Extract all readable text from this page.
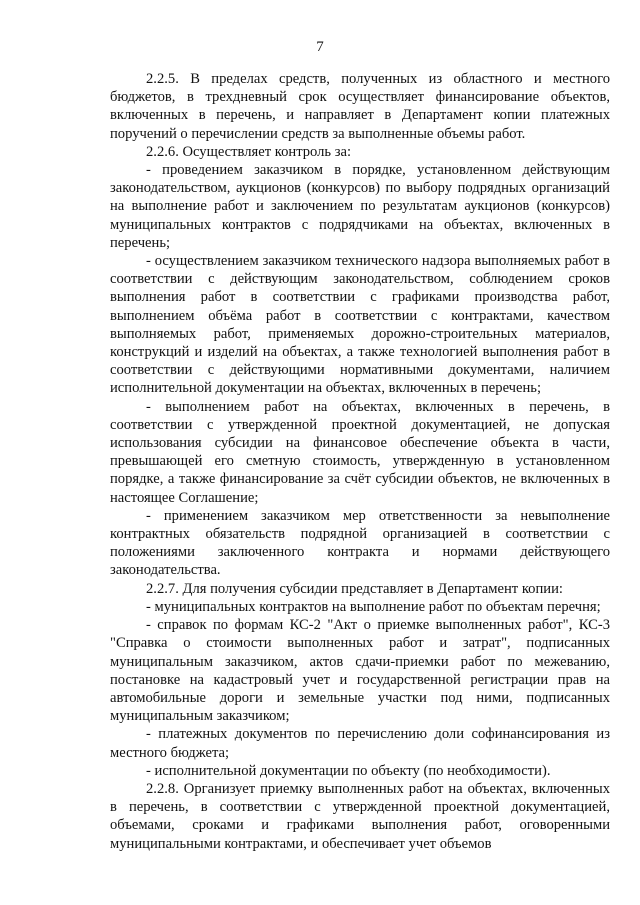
7

2.2.5. В пределах средств, полученных из областного и местного бюджетов, в трехдневный срок осуществляет финансирование объектов, включенных в перечень, и направляет в Департамент копии платежных поручений о перечислении средств за выполненные объемы работ.

2.2.6. Осуществляет контроль за:

- проведением заказчиком в порядке, установленном действующим законодательством, аукционов (конкурсов) по выбору подрядных организаций на выполнение работ и заключением по результатам аукционов (конкурсов) муниципальных контрактов с подрядчиками на объектах, включенных в перечень;

- осуществлением заказчиком технического надзора выполняемых работ в соответствии с действующим законодательством, соблюдением сроков выполнения работ в соответствии с графиками производства работ, выполнением объёма работ в соответствии с контрактами, качеством выполняемых работ, применяемых дорожно-строительных материалов, конструкций и изделий на объектах, а также технологией выполнения работ в соответствии с действующими нормативными документами, наличием исполнительной документации на объектах, включенных в перечень;

- выполнением работ на объектах, включенных в перечень, в соответствии с утвержденной проектной документацией, не допуская использования субсидии на финансовое обеспечение объекта в части, превышающей его сметную стоимость, утвержденную в установленном порядке, а также финансирование за счёт субсидии объектов, не включенных в настоящее Соглашение;

- применением заказчиком мер ответственности за невыполнение контрактных обязательств подрядной организацией в соответствии с положениями заключенного контракта и нормами действующего законодательства.

2.2.7. Для получения субсидии представляет в Департамент копии:

- муниципальных контрактов на выполнение работ по объектам перечня;

- справок по формам КС-2 "Акт о приемке выполненных работ", КС-3 "Справка о стоимости выполненных работ и затрат", подписанных муниципальным заказчиком, актов сдачи-приемки работ по межеванию, постановке на кадастровый учет и государственной регистрации прав на автомобильные дороги и земельные участки под ними, подписанных муниципальным заказчиком;

- платежных документов по перечислению доли софинансирования из местного бюджета;

- исполнительной документации по объекту (по необходимости).

2.2.8. Организует приемку выполненных работ на объектах, включенных в перечень, в соответствии с утвержденной проектной документацией, объемами, сроками и графиками выполнения работ, оговоренными муниципальными контрактами, и обеспечивает учет объемов
